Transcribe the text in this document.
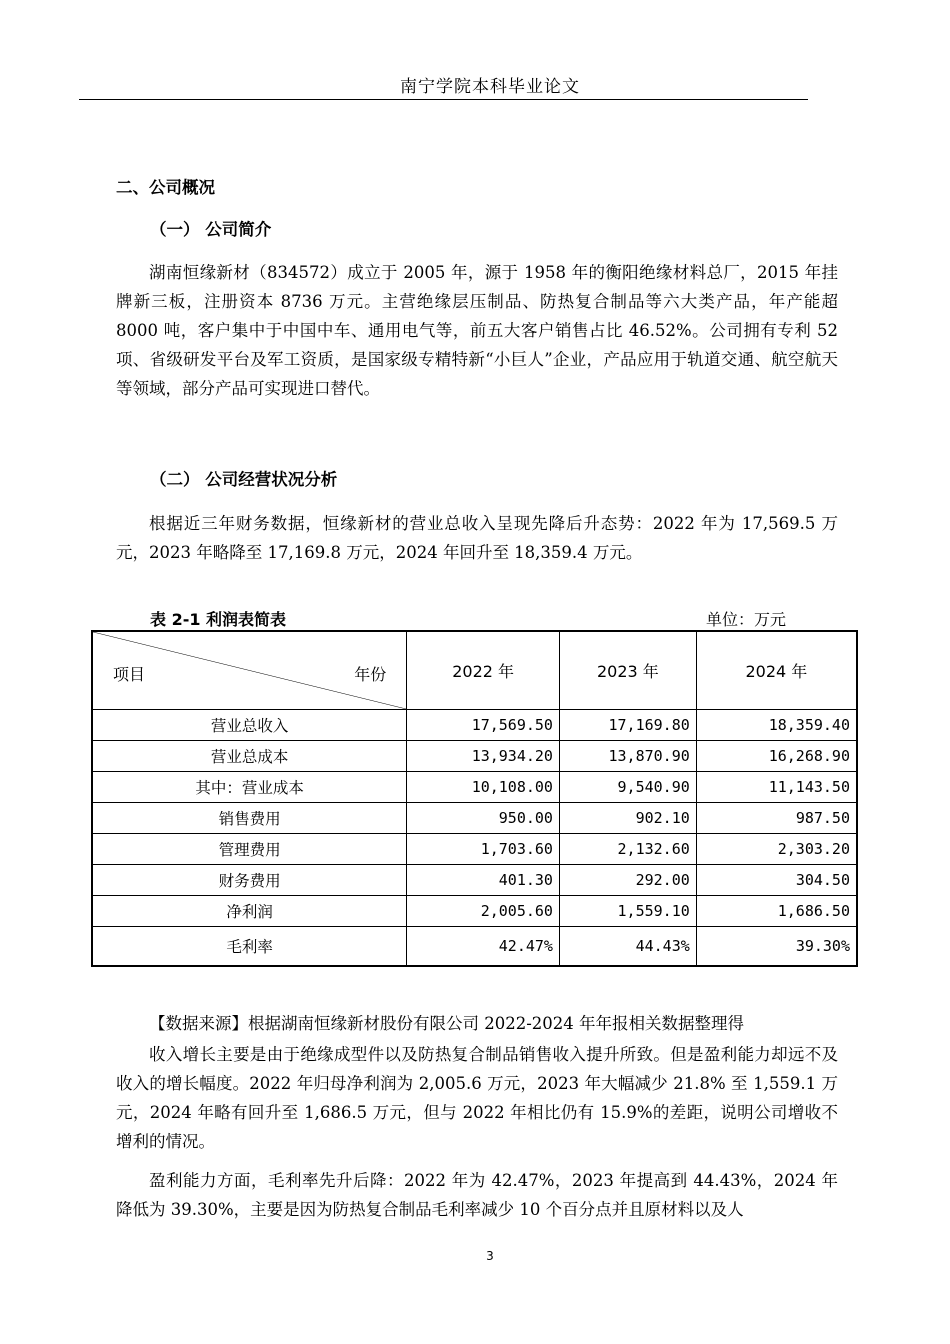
南宁学院本科毕业论文
二、公司概况
（一） 公司简介

湖南恒缘新材（834572）成立于 2005 年，源于 1958 年的衡阳绝缘材料总厂，2015 年挂牌新三板，注册资本 8736 万元。主营绝缘层压制品、防热复合制品等六大类产品，年产能超 8000 吨，客户集中于中国中车、通用电气等，前五大客户销售占比 46.52%。公司拥有专利 52 项、省级研发平台及军工资质，是国家级专精特新“小巨人”企业，产品应用于轨道交通、航空航天等领域，部分产品可实现进口替代。

（二） 公司经营状况分析

根据近三年财务数据，恒缘新材的营业总收入呈现先降后升态势：2022 年为 17,569.5 万元，2023 年略降至 17,169.8 万元，2024 年回升至 18,359.4 万元。

表 2-1 利润表简表	单位：万元
项目 年份	2022 年	2023 年	2024 年
营业总收入	17,569.50	17,169.80	18,359.40
营业总成本	13,934.20	13,870.90	16,268.90
其中：营业成本	10,108.00	9,540.90	11,143.50
销售费用	950.00	902.10	987.50
管理费用	1,703.60	2,132.60	2,303.20
财务费用	401.30	292.00	304.50
净利润	2,005.60	1,559.10	1,686.50
毛利率	42.47%	44.43%	39.30%

【数据来源】根据湖南恒缘新材股份有限公司 2022-2024 年年报相关数据整理得

收入增长主要是由于绝缘成型件以及防热复合制品销售收入提升所致。但是盈利能力却远不及收入的增长幅度。2022 年归母净利润为 2,005.6 万元，2023 年大幅减少 21.8% 至 1,559.1 万元，2024 年略有回升至 1,686.5 万元，但与 2022 年相比仍有 15.9%的差距，说明公司增收不增利的情况。

盈利能力方面，毛利率先升后降：2022 年为 42.47%，2023 年提高到 44.43%，2024 年降低为 39.30%，主要是因为防热复合制品毛利率减少 10 个百分点并且原材料以及人

3
